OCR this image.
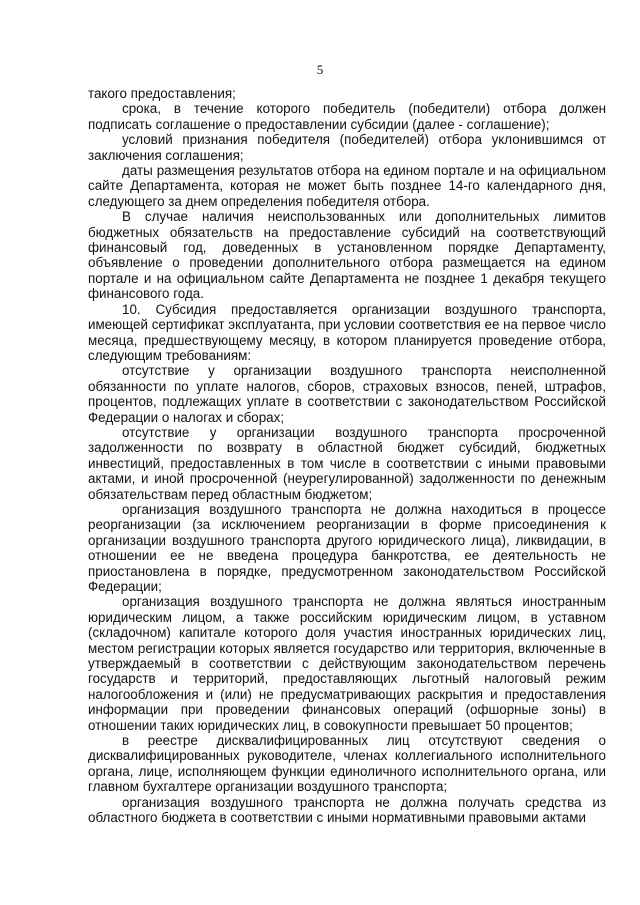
5

такого предоставления;

срока, в течение которого победитель (победители) отбора должен подписать соглашение о предоставлении субсидии (далее - соглашение);

условий признания победителя (победителей) отбора уклонившимся от заключения соглашения;

даты размещения результатов отбора на едином портале и на официальном сайте Департамента, которая не может быть позднее 14-го календарного дня, следующего за днем определения победителя отбора.

В случае наличия неиспользованных или дополнительных лимитов бюджетных обязательств на предоставление субсидий на соответствующий финансовый год, доведенных в установленном порядке Департаменту, объявление о проведении дополнительного отбора размещается на едином портале и на официальном сайте Департамента не позднее 1 декабря текущего финансового года.

10. Субсидия предоставляется организации воздушного транспорта, имеющей сертификат эксплуатанта, при условии соответствия ее на первое число месяца, предшествующему месяцу, в котором планируется проведение отбора, следующим требованиям:

отсутствие у организации воздушного транспорта неисполненной обязанности по уплате налогов, сборов, страховых взносов, пеней, штрафов, процентов, подлежащих уплате в соответствии с законодательством Российской Федерации о налогах и сборах;

отсутствие у организации воздушного транспорта просроченной задолженности по возврату в областной бюджет субсидий, бюджетных инвестиций, предоставленных в том числе в соответствии с иными правовыми актами, и иной просроченной (неурегулированной) задолженности по денежным обязательствам перед областным бюджетом;

организация воздушного транспорта не должна находиться в процессе реорганизации (за исключением реорганизации в форме присоединения к организации воздушного транспорта другого юридического лица), ликвидации, в отношении ее не введена процедура банкротства, ее деятельность не приостановлена в порядке, предусмотренном законодательством Российской Федерации;

организация воздушного транспорта не должна являться иностранным юридическим лицом, а также российским юридическим лицом, в уставном (складочном) капитале которого доля участия иностранных юридических лиц, местом регистрации которых является государство или территория, включенные в утверждаемый в соответствии с действующим законодательством перечень государств и территорий, предоставляющих льготный налоговый режим налогообложения и (или) не предусматривающих раскрытия и предоставления информации при проведении финансовых операций (офшорные зоны) в отношении таких юридических лиц, в совокупности превышает 50 процентов;

в реестре дисквалифицированных лиц отсутствуют сведения о дисквалифицированных руководителе, членах коллегиального исполнительного органа, лице, исполняющем функции единоличного исполнительного органа, или главном бухгалтере организации воздушного транспорта;

организация воздушного транспорта не должна получать средства из областного бюджета в соответствии с иными нормативными правовыми актами
